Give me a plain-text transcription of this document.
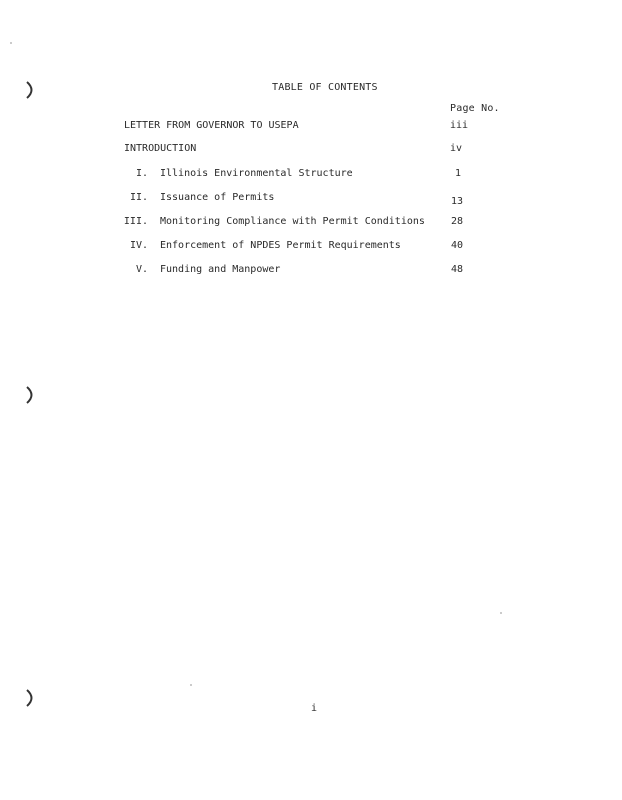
TABLE OF CONTENTS
Page No.
LETTER FROM GOVERNOR TO USEPA	iii
INTRODUCTION	iv
I. Illinois Environmental Structure	1
II. Issuance of Permits	13
III. Monitoring Compliance with Permit Conditions	28
IV. Enforcement of NPDES Permit Requirements	40
V. Funding and Manpower	48
i
